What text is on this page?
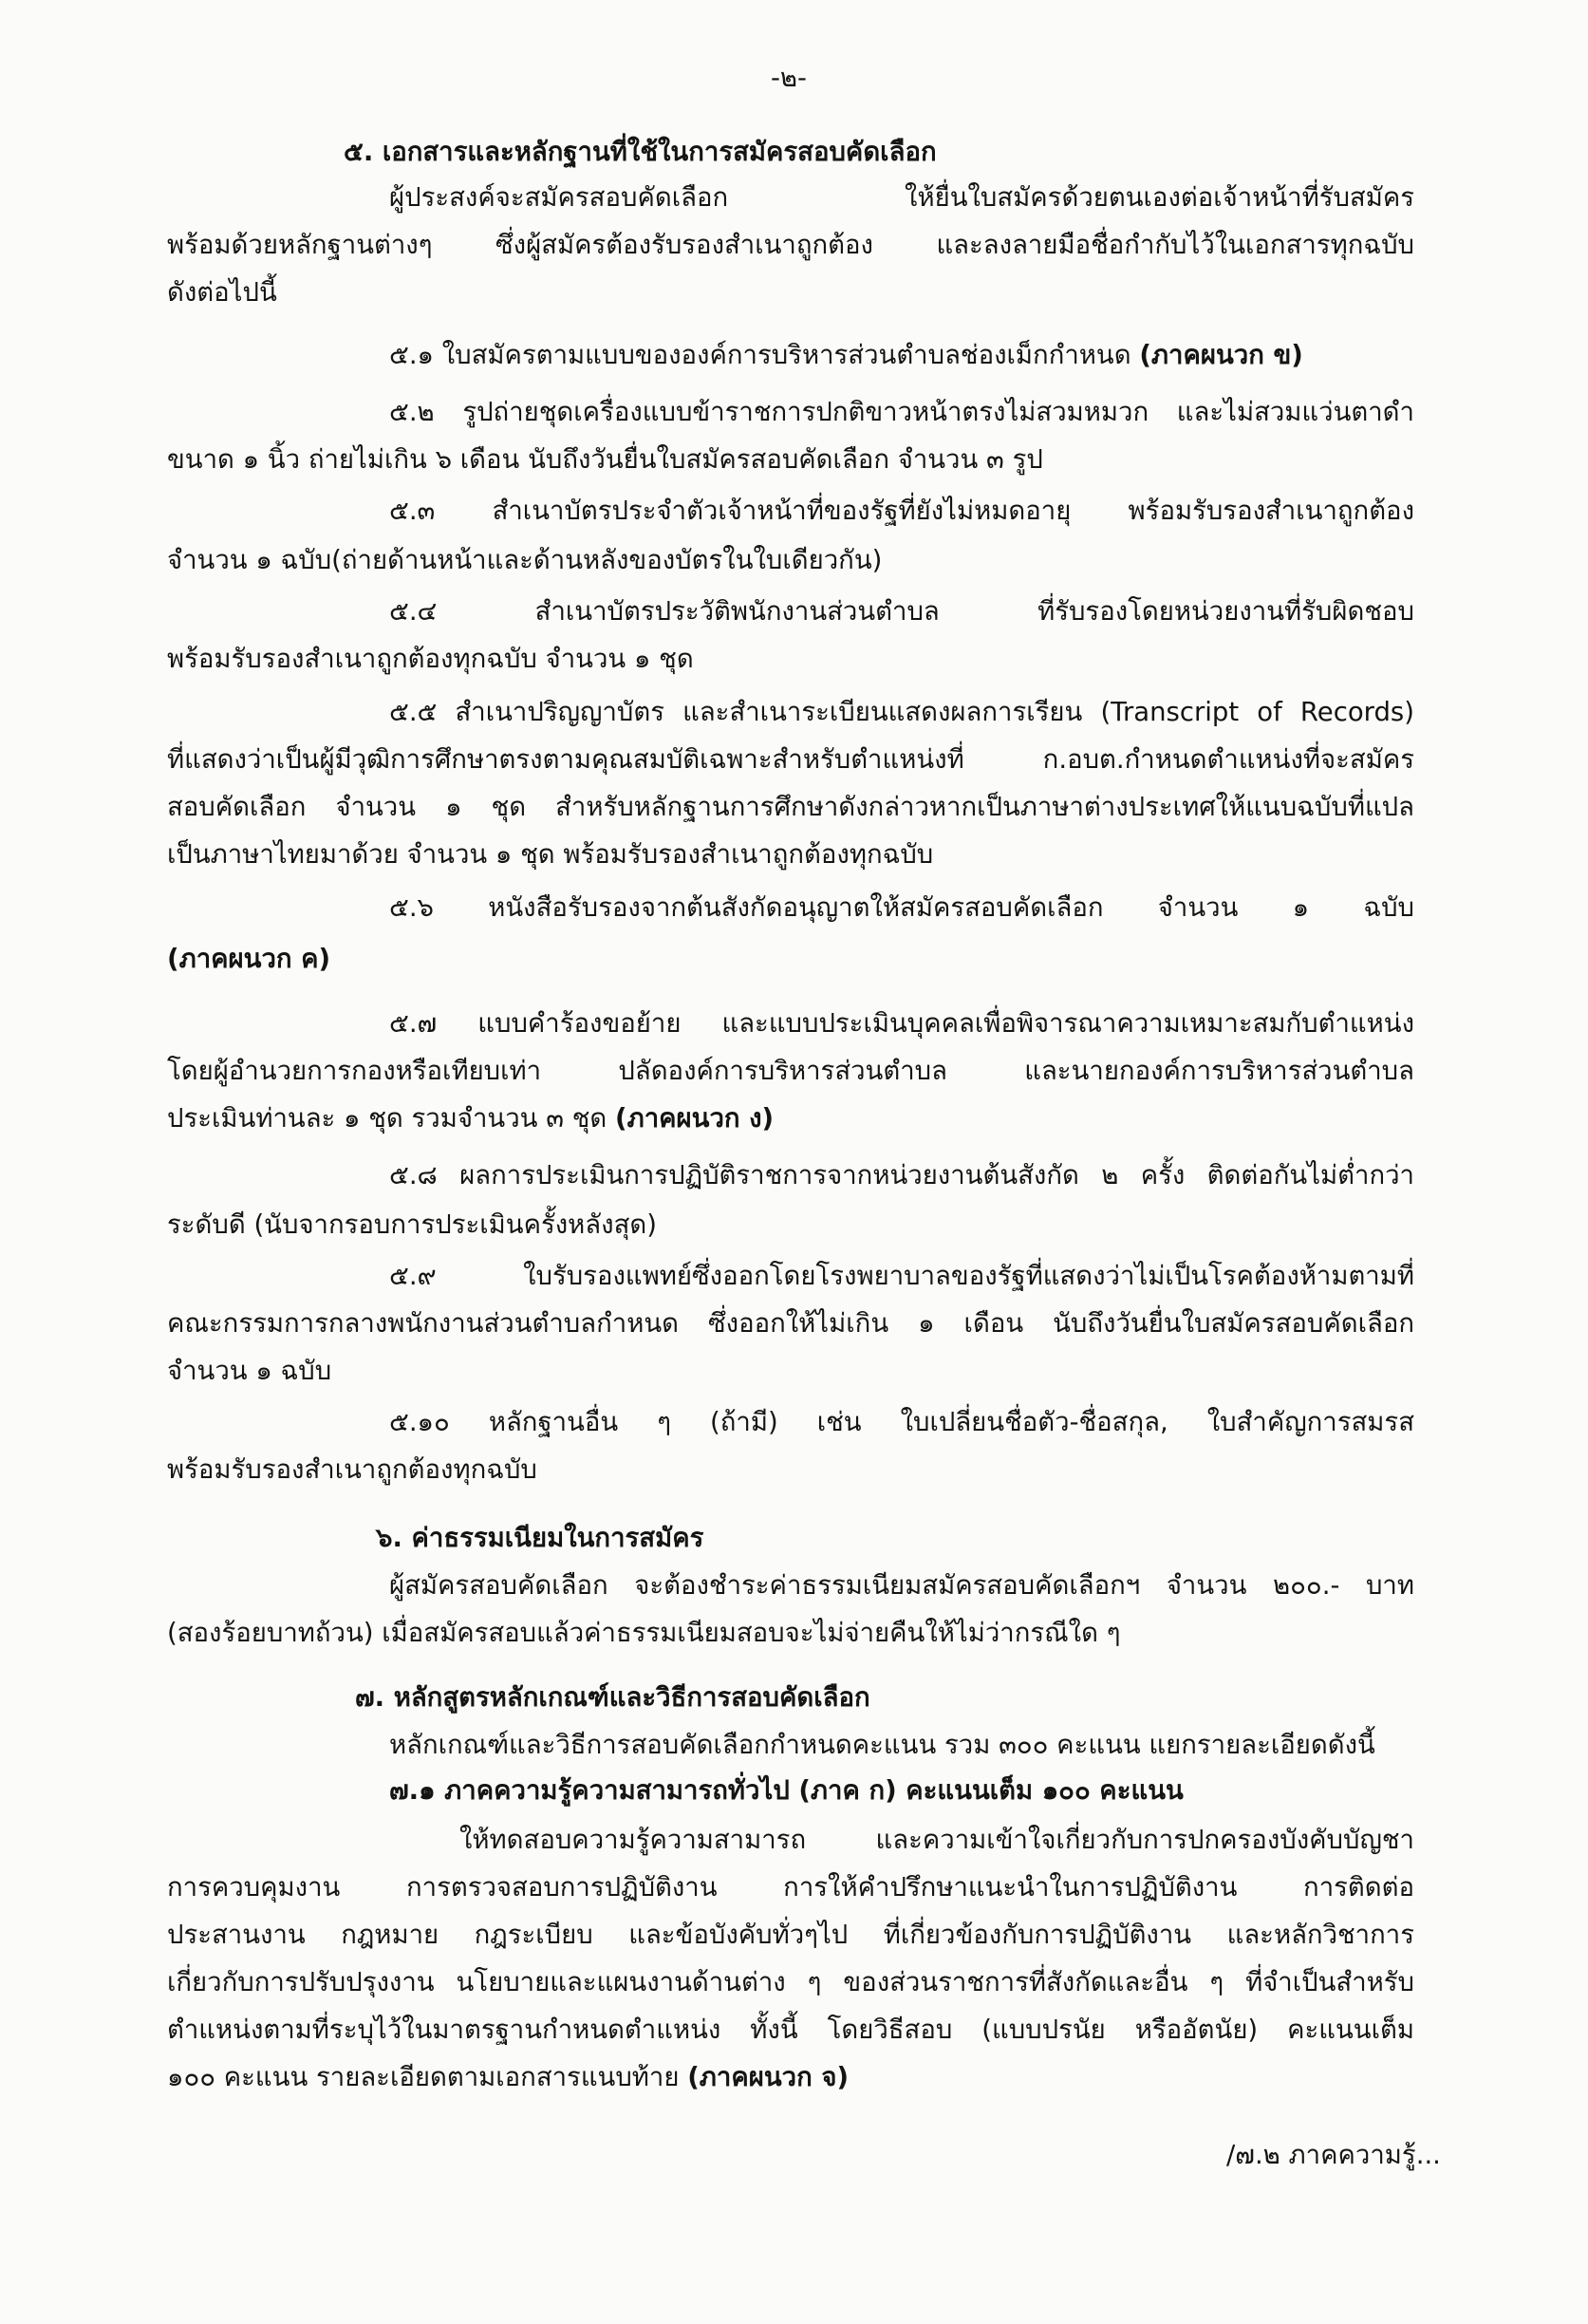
-๒-
๕. เอกสารและหลักฐานที่ใช้ในการสมัครสอบคัดเลือก
ผู้ประสงค์จะสมัครสอบคัดเลือก ให้ยื่นใบสมัครด้วยตนเองต่อเจ้าหน้าที่รับสมัคร
พร้อมด้วยหลักฐานต่างๆ ซึ่งผู้สมัครต้องรับรองสำเนาถูกต้อง และลงลายมือชื่อกำกับไว้ในเอกสารทุกฉบับ
ดังต่อไปนี้
๕.๑ ใบสมัครตามแบบขององค์การบริหารส่วนตำบลช่องเม็กกำหนด (ภาคผนวก ข)
๕.๒ รูปถ่ายชุดเครื่องแบบข้าราชการปกติขาวหน้าตรงไม่สวมหมวก และไม่สวมแว่นตาดำ
ขนาด ๑ นิ้ว ถ่ายไม่เกิน ๖ เดือน นับถึงวันยื่นใบสมัครสอบคัดเลือก จำนวน ๓ รูป
๕.๓ สำเนาบัตรประจำตัวเจ้าหน้าที่ของรัฐที่ยังไม่หมดอายุ พร้อมรับรองสำเนาถูกต้อง
จำนวน ๑ ฉบับ(ถ่ายด้านหน้าและด้านหลังของบัตรในใบเดียวกัน)
๕.๔ สำเนาบัตรประวัติพนักงานส่วนตำบล ที่รับรองโดยหน่วยงานที่รับผิดชอบ
พร้อมรับรองสำเนาถูกต้องทุกฉบับ จำนวน ๑ ชุด
๕.๕ สำเนาปริญญาบัตร และสำเนาระเบียนแสดงผลการเรียน (Transcript of Records)
ที่แสดงว่าเป็นผู้มีวุฒิการศึกษาตรงตามคุณสมบัติเฉพาะสำหรับตำแหน่งที่ ก.อบต.กำหนดตำแหน่งที่จะสมัคร
สอบคัดเลือก จำนวน ๑ ชุด สำหรับหลักฐานการศึกษาดังกล่าวหากเป็นภาษาต่างประเทศให้แนบฉบับที่แปล
เป็นภาษาไทยมาด้วย จำนวน ๑ ชุด พร้อมรับรองสำเนาถูกต้องทุกฉบับ
๕.๖ หนังสือรับรองจากต้นสังกัดอนุญาตให้สมัครสอบคัดเลือก จำนวน ๑ ฉบับ
(ภาคผนวก ค)
๕.๗ แบบคำร้องขอย้าย และแบบประเมินบุคคลเพื่อพิจารณาความเหมาะสมกับตำแหน่ง
โดยผู้อำนวยการกองหรือเทียบเท่า ปลัดองค์การบริหารส่วนตำบล และนายกองค์การบริหารส่วนตำบล
ประเมินท่านละ ๑ ชุด รวมจำนวน ๓ ชุด (ภาคผนวก ง)
๕.๘ ผลการประเมินการปฏิบัติราชการจากหน่วยงานต้นสังกัด ๒ ครั้ง ติดต่อกันไม่ต่ำกว่า
ระดับดี (นับจากรอบการประเมินครั้งหลังสุด)
๕.๙ ใบรับรองแพทย์ซึ่งออกโดยโรงพยาบาลของรัฐที่แสดงว่าไม่เป็นโรคต้องห้ามตามที่
คณะกรรมการกลางพนักงานส่วนตำบลกำหนด ซึ่งออกให้ไม่เกิน ๑ เดือน นับถึงวันยื่นใบสมัครสอบคัดเลือก
จำนวน ๑ ฉบับ
๕.๑๐ หลักฐานอื่น ๆ (ถ้ามี) เช่น ใบเปลี่ยนชื่อตัว-ชื่อสกุล, ใบสำคัญการสมรส
พร้อมรับรองสำเนาถูกต้องทุกฉบับ
๖. ค่าธรรมเนียมในการสมัคร
ผู้สมัครสอบคัดเลือก จะต้องชำระค่าธรรมเนียมสมัครสอบคัดเลือกฯ จำนวน ๒๐๐.- บาท
(สองร้อยบาทถ้วน) เมื่อสมัครสอบแล้วค่าธรรมเนียมสอบจะไม่จ่ายคืนให้ไม่ว่ากรณีใด ๆ
๗. หลักสูตรหลักเกณฑ์และวิธีการสอบคัดเลือก
หลักเกณฑ์และวิธีการสอบคัดเลือกกำหนดคะแนน รวม ๓๐๐ คะแนน แยกรายละเอียดดังนี้
๗.๑ ภาคความรู้ความสามารถทั่วไป (ภาค ก) คะแนนเต็ม ๑๐๐ คะแนน
ให้ทดสอบความรู้ความสามารถ และความเข้าใจเกี่ยวกับการปกครองบังคับบัญชา
การควบคุมงาน การตรวจสอบการปฏิบัติงาน การให้คำปรึกษาแนะนำในการปฏิบัติงาน การติดต่อ
ประสานงาน กฎหมาย กฎระเบียบ และข้อบังคับทั่วๆไป ที่เกี่ยวข้องกับการปฏิบัติงาน และหลักวิชาการ
เกี่ยวกับการปรับปรุงงาน นโยบายและแผนงานด้านต่าง ๆ ของส่วนราชการที่สังกัดและอื่น ๆ ที่จำเป็นสำหรับ
ตำแหน่งตามที่ระบุไว้ในมาตรฐานกำหนดตำแหน่ง ทั้งนี้ โดยวิธีสอบ (แบบปรนัย หรืออัตนัย) คะแนนเต็ม
๑๐๐ คะแนน รายละเอียดตามเอกสารแนบท้าย (ภาคผนวก จ)
/๗.๒ ภาคความรู้...
